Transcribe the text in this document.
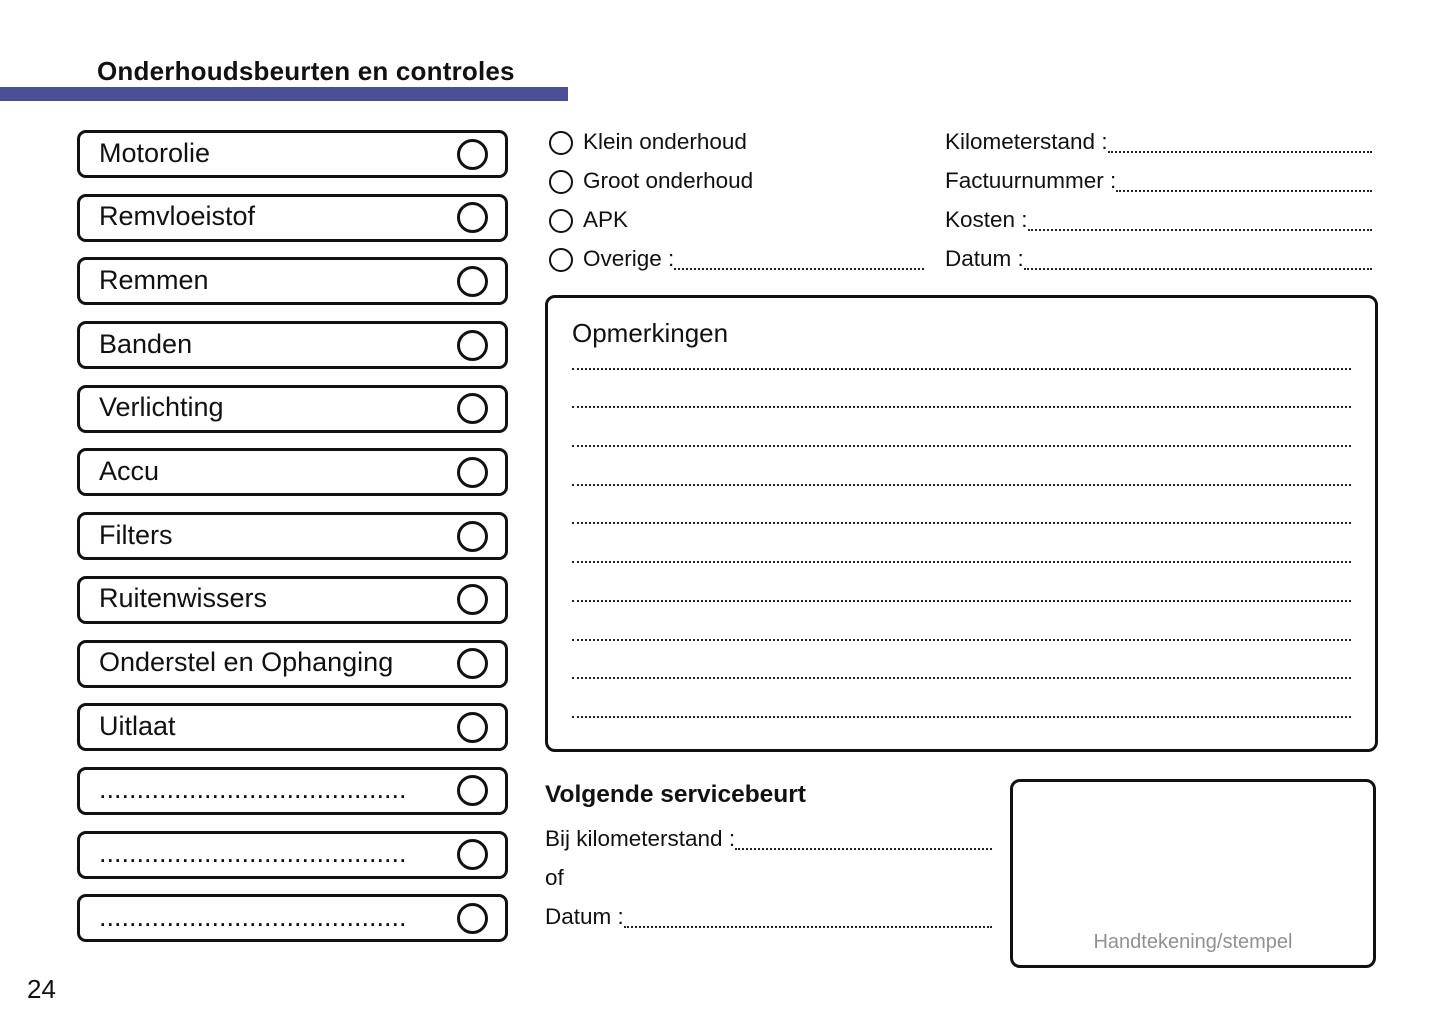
Onderhoudsbeurten en controles
Motorolie
Remvloeistof
Remmen
Banden
Verlichting
Accu
Filters
Ruitenwissers
Onderstel en Ophanging
Uitlaat
.........................................
.........................................
.........................................
Klein onderhoud
Groot onderhoud
APK
Overige :
Kilometerstand :
Factuurnummer :
Kosten :
Datum :
Opmerkingen
Volgende servicebeurt
Bij kilometerstand :
of
Datum :
Handtekening/stempel
24
